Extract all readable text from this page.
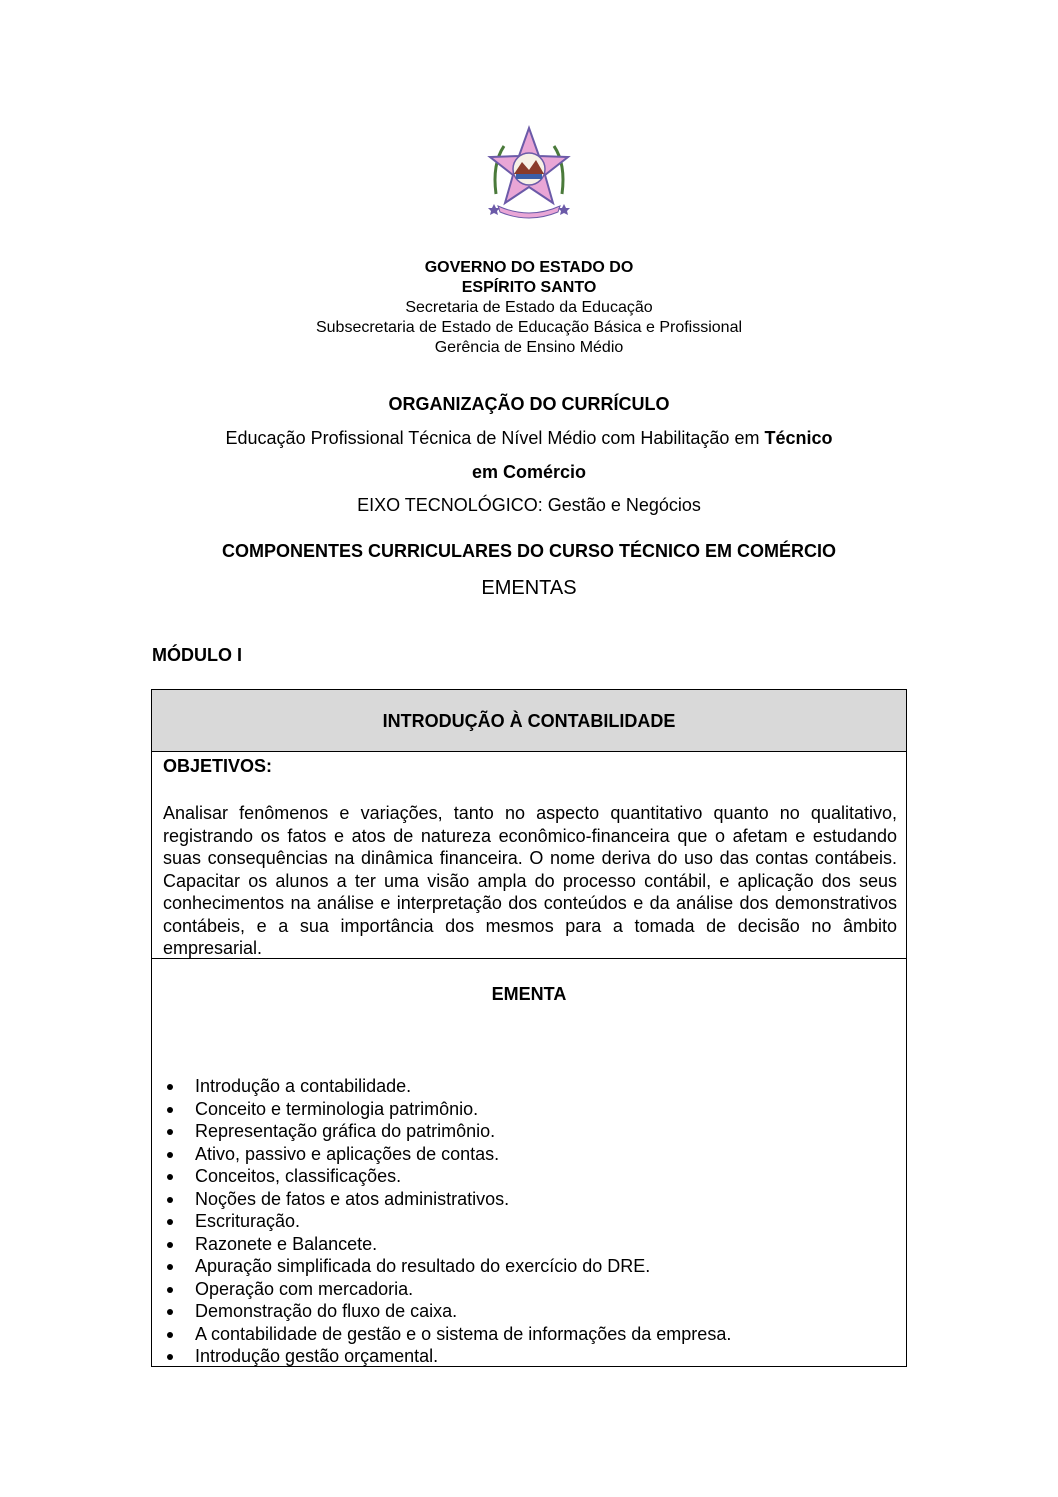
GOVERNO DO ESTADO DO
ESPÍRITO SANTO
Secretaria de Estado da Educação
Subsecretaria de Estado de Educação Básica e Profissional
Gerência de Ensino Médio
ORGANIZAÇÃO DO CURRÍCULO
Educação Profissional Técnica de Nível Médio com Habilitação em Técnico
em Comércio
EIXO TECNOLÓGICO: Gestão e Negócios
COMPONENTES CURRICULARES DO CURSO TÉCNICO EM COMÉRCIO
EMENTAS
MÓDULO I
INTRODUÇÃO À CONTABILIDADE
OBJETIVOS:
Analisar fenômenos e variações, tanto no aspecto quantitativo quanto no qualitativo, registrando os fatos e atos de natureza econômico-financeira que o afetam e estudando suas consequências na dinâmica financeira. O nome deriva do uso das contas contábeis. Capacitar os alunos a ter uma visão ampla do processo contábil, e aplicação dos seus conhecimentos na análise e interpretação dos conteúdos e da análise dos demonstrativos contábeis, e a sua importância dos mesmos para a tomada de decisão no âmbito empresarial.
EMENTA
Introdução a contabilidade.
Conceito e terminologia patrimônio.
Representação gráfica do patrimônio.
Ativo, passivo e aplicações de contas.
Conceitos, classificações.
Noções de fatos e atos administrativos.
Escrituração.
Razonete e Balancete.
Apuração simplificada do resultado do exercício do DRE.
Operação com mercadoria.
Demonstração do fluxo de caixa.
A contabilidade de gestão e o sistema de informações da empresa.
Introdução gestão orçamental.
